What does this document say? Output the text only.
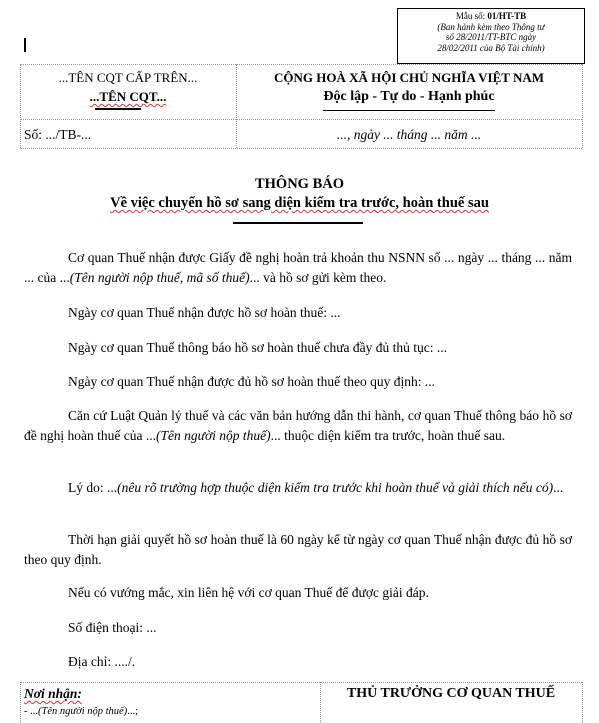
Mẫu số: 01/HT-TB
(Ban hành kèm theo Thông tư
số 28/2011/TT-BTC ngày
28/02/2011 của Bộ Tài chính)
...TÊN CQT CẤP TRÊN...
...TÊN CQT...
CỘNG HOÀ XÃ HỘI CHỦ NGHĨA VIỆT NAM
Độc lập - Tự do - Hạnh phúc
Số: .../TB-...	..., ngày ... tháng ... năm ...
THÔNG BÁO
Về việc chuyển hồ sơ sang diện kiểm tra trước, hoàn thuế sau
Cơ quan Thuế nhận được Giấy đề nghị hoàn trả khoản thu NSNN số ... ngày ... tháng ... năm ... của ...(Tên người nộp thuế, mã số thuế)... và hồ sơ gửi kèm theo.
Ngày cơ quan Thuế nhận được hồ sơ hoàn thuế: ...
Ngày cơ quan Thuế thông báo hồ sơ hoàn thuế chưa đầy đủ thủ tục: ...
Ngày cơ quan Thuế nhận được đủ hồ sơ hoàn thuế theo quy định: ...
Căn cứ Luật Quản lý thuế và các văn bản hướng dẫn thi hành, cơ quan Thuế thông báo hồ sơ đề nghị hoàn thuế của ...(Tên người nộp thuế)... thuộc diện kiểm tra trước, hoàn thuế sau.
Lý do: ...(nêu rõ trường hợp thuộc diện kiểm tra trước khi hoàn thuế và giải thích nếu có)...
Thời hạn giải quyết hồ sơ hoàn thuế là 60 ngày kể từ ngày cơ quan Thuế nhận được đủ hồ sơ theo quy định.
Nếu có vướng mắc, xin liên hệ với cơ quan Thuế để được giải đáp.
Số điện thoại: ...
Địa chỉ: ..../.
Nơi nhận:
- ...(Tên người nộp thuế)...;
THỦ TRƯỞNG CƠ QUAN THUẾ
